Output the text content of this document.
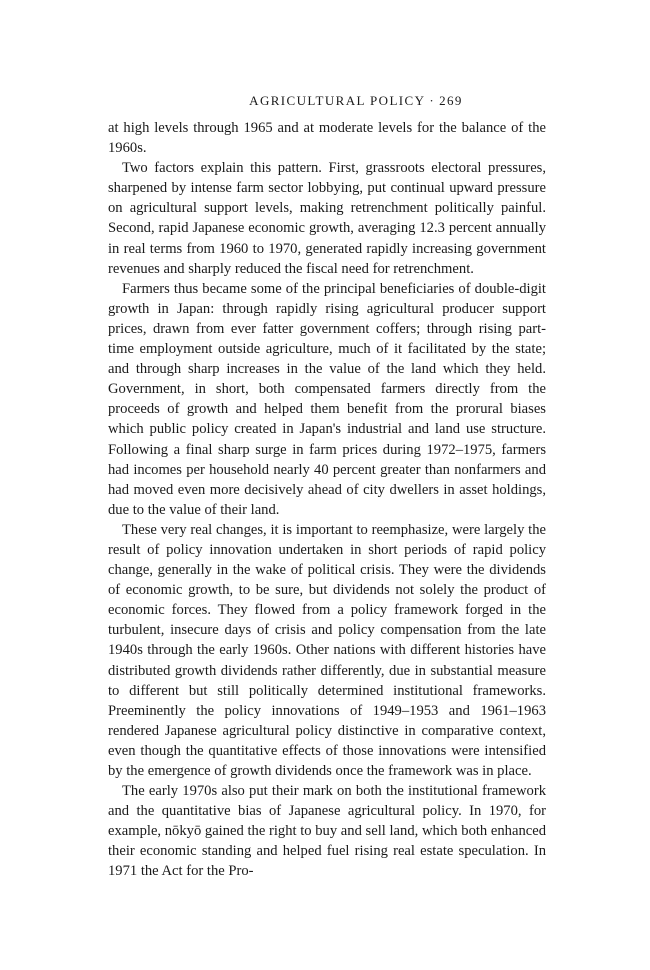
AGRICULTURAL POLICY · 269

at high levels through 1965 and at moderate levels for the balance of the 1960s.

Two factors explain this pattern. First, grassroots electoral pressures, sharpened by intense farm sector lobbying, put continual upward pressure on agricultural support levels, making retrenchment politically painful. Second, rapid Japanese economic growth, averaging 12.3 percent annually in real terms from 1960 to 1970, generated rapidly increasing government revenues and sharply reduced the fiscal need for retrenchment.

Farmers thus became some of the principal beneficiaries of double-digit growth in Japan: through rapidly rising agricultural producer support prices, drawn from ever fatter government coffers; through rising part-time employment outside agriculture, much of it facilitated by the state; and through sharp increases in the value of the land which they held. Government, in short, both compensated farmers directly from the proceeds of growth and helped them benefit from the prorural biases which public policy created in Japan's industrial and land use structure. Following a final sharp surge in farm prices during 1972–1975, farmers had incomes per household nearly 40 percent greater than nonfarmers and had moved even more decisively ahead of city dwellers in asset holdings, due to the value of their land.

These very real changes, it is important to reemphasize, were largely the result of policy innovation undertaken in short periods of rapid policy change, generally in the wake of political crisis. They were the dividends of economic growth, to be sure, but dividends not solely the product of economic forces. They flowed from a policy framework forged in the turbulent, insecure days of crisis and policy compensation from the late 1940s through the early 1960s. Other nations with different histories have distributed growth dividends rather differently, due in substantial measure to different but still politically determined institutional frameworks. Preeminently the policy innovations of 1949–1953 and 1961–1963 rendered Japanese agricultural policy distinctive in comparative context, even though the quantitative effects of those innovations were intensified by the emergence of growth dividends once the framework was in place.

The early 1970s also put their mark on both the institutional framework and the quantitative bias of Japanese agricultural policy. In 1970, for example, nōkyō gained the right to buy and sell land, which both enhanced their economic standing and helped fuel rising real estate speculation. In 1971 the Act for the Pro-
